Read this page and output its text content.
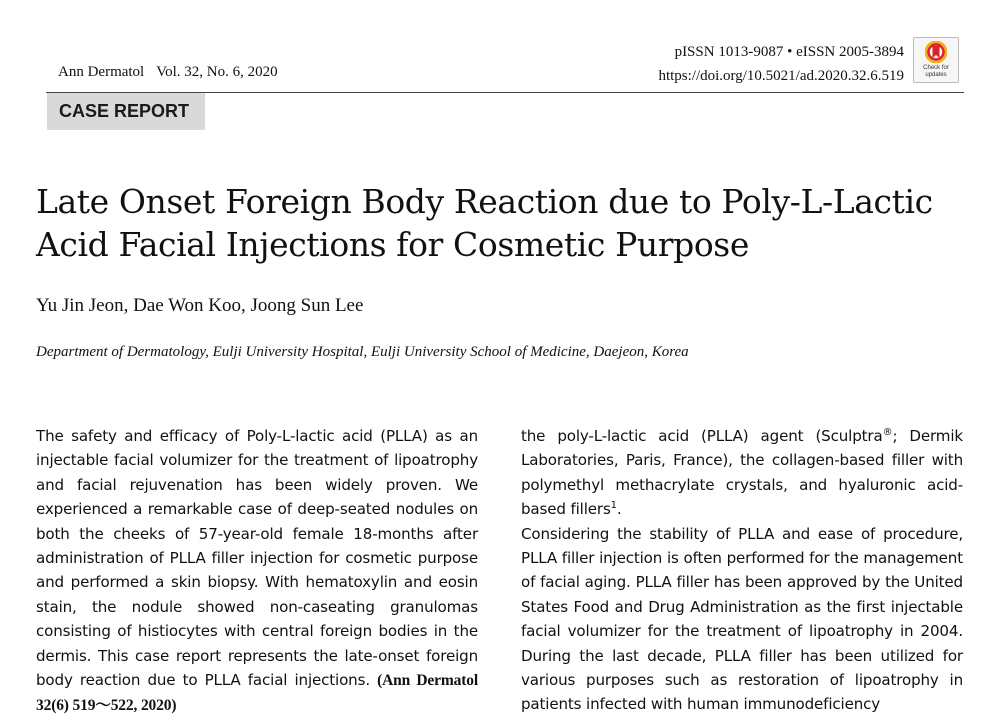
Ann Dermatol Vol. 32, No. 6, 2020
pISSN 1013-9087 • eISSN 2005-3894
https://doi.org/10.5021/ad.2020.32.6.519	Check for
updates
CASE REPORT
Late Onset Foreign Body Reaction due to Poly-L-Lactic Acid Facial Injections for Cosmetic Purpose
Yu Jin Jeon, Dae Won Koo, Joong Sun Lee
Department of Dermatology, Eulji University Hospital, Eulji University School of Medicine, Daejeon, Korea

The safety and efficacy of Poly-L-lactic acid (PLLA) as an injectable facial volumizer for the treatment of lipoatrophy and facial rejuvenation has been widely proven. We experienced a remarkable case of deep-seated nodules on both the cheeks of 57-year-old female 18-months after administration of PLLA filler injection for cosmetic purpose and performed a skin biopsy. With hematoxylin and eosin stain, the nodule showed non-caseating granulomas consisting of histiocytes with central foreign bodies in the dermis. This case report represents the late-onset foreign body reaction due to PLLA facial injections. (Ann Dermatol 32(6) 519～522, 2020)

the poly-L-lactic acid (PLLA) agent (Sculptra®; Dermik Laboratories, Paris, France), the collagen-based filler with polymethyl methacrylate crystals, and hyaluronic acid-based fillers$^1$.

Considering the stability of PLLA and ease of procedure, PLLA filler injection is often performed for the management of facial aging. PLLA filler has been approved by the United States Food and Drug Administration as the first injectable facial volumizer for the treatment of lipoatrophy in 2004. During the last decade, PLLA filler has been utilized for various purposes such as restoration of lipoatrophy in patients infected with human immunodeficiency
